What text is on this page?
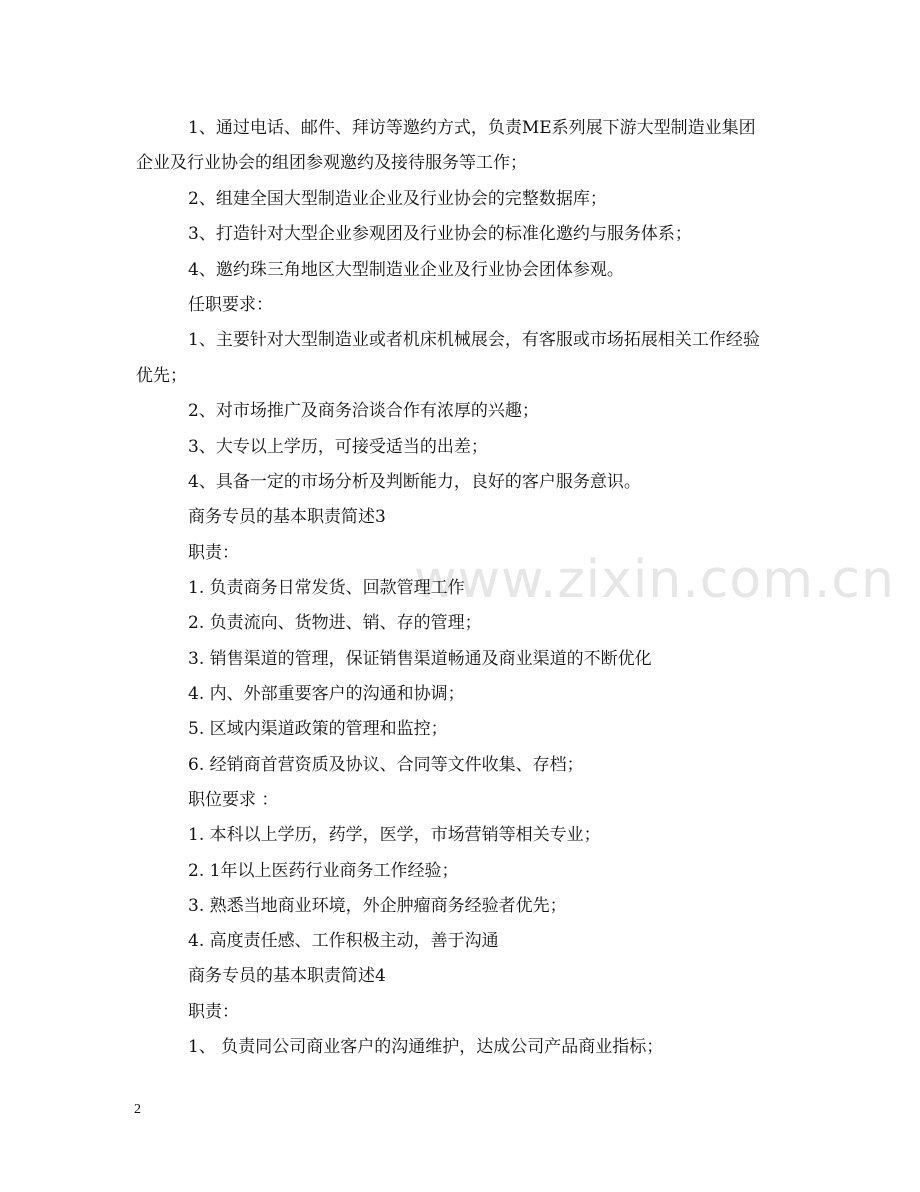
www.zixin.com.cn
1、通过电话、邮件、拜访等邀约方式，负责ME系列展下游大型制造业集团
企业及行业协会的组团参观邀约及接待服务等工作；
2、组建全国大型制造业企业及行业协会的完整数据库；
3、打造针对大型企业参观团及行业协会的标准化邀约与服务体系；
4、邀约珠三角地区大型制造业企业及行业协会团体参观。
任职要求：
1、主要针对大型制造业或者机床机械展会，有客服或市场拓展相关工作经验
优先；
2、对市场推广及商务洽谈合作有浓厚的兴趣；
3、大专以上学历，可接受适当的出差；
4、具备一定的市场分析及判断能力，良好的客户服务意识。
商务专员的基本职责简述3
职责：
1. 负责商务日常发货、回款管理工作
2. 负责流向、货物进、销、存的管理；
3. 销售渠道的管理，保证销售渠道畅通及商业渠道的不断优化
4. 内、外部重要客户的沟通和协调；
5. 区域内渠道政策的管理和监控；
6. 经销商首营资质及协议、合同等文件收集、存档；
职位要求 ：
1. 本科以上学历，药学，医学，市场营销等相关专业；
2. 1年以上医药行业商务工作经验；
3. 熟悉当地商业环境，外企肿瘤商务经验者优先；
4. 高度责任感、工作积极主动，善于沟通
商务专员的基本职责简述4
职责：
1、 负责同公司商业客户的沟通维护，达成公司产品商业指标；
2
